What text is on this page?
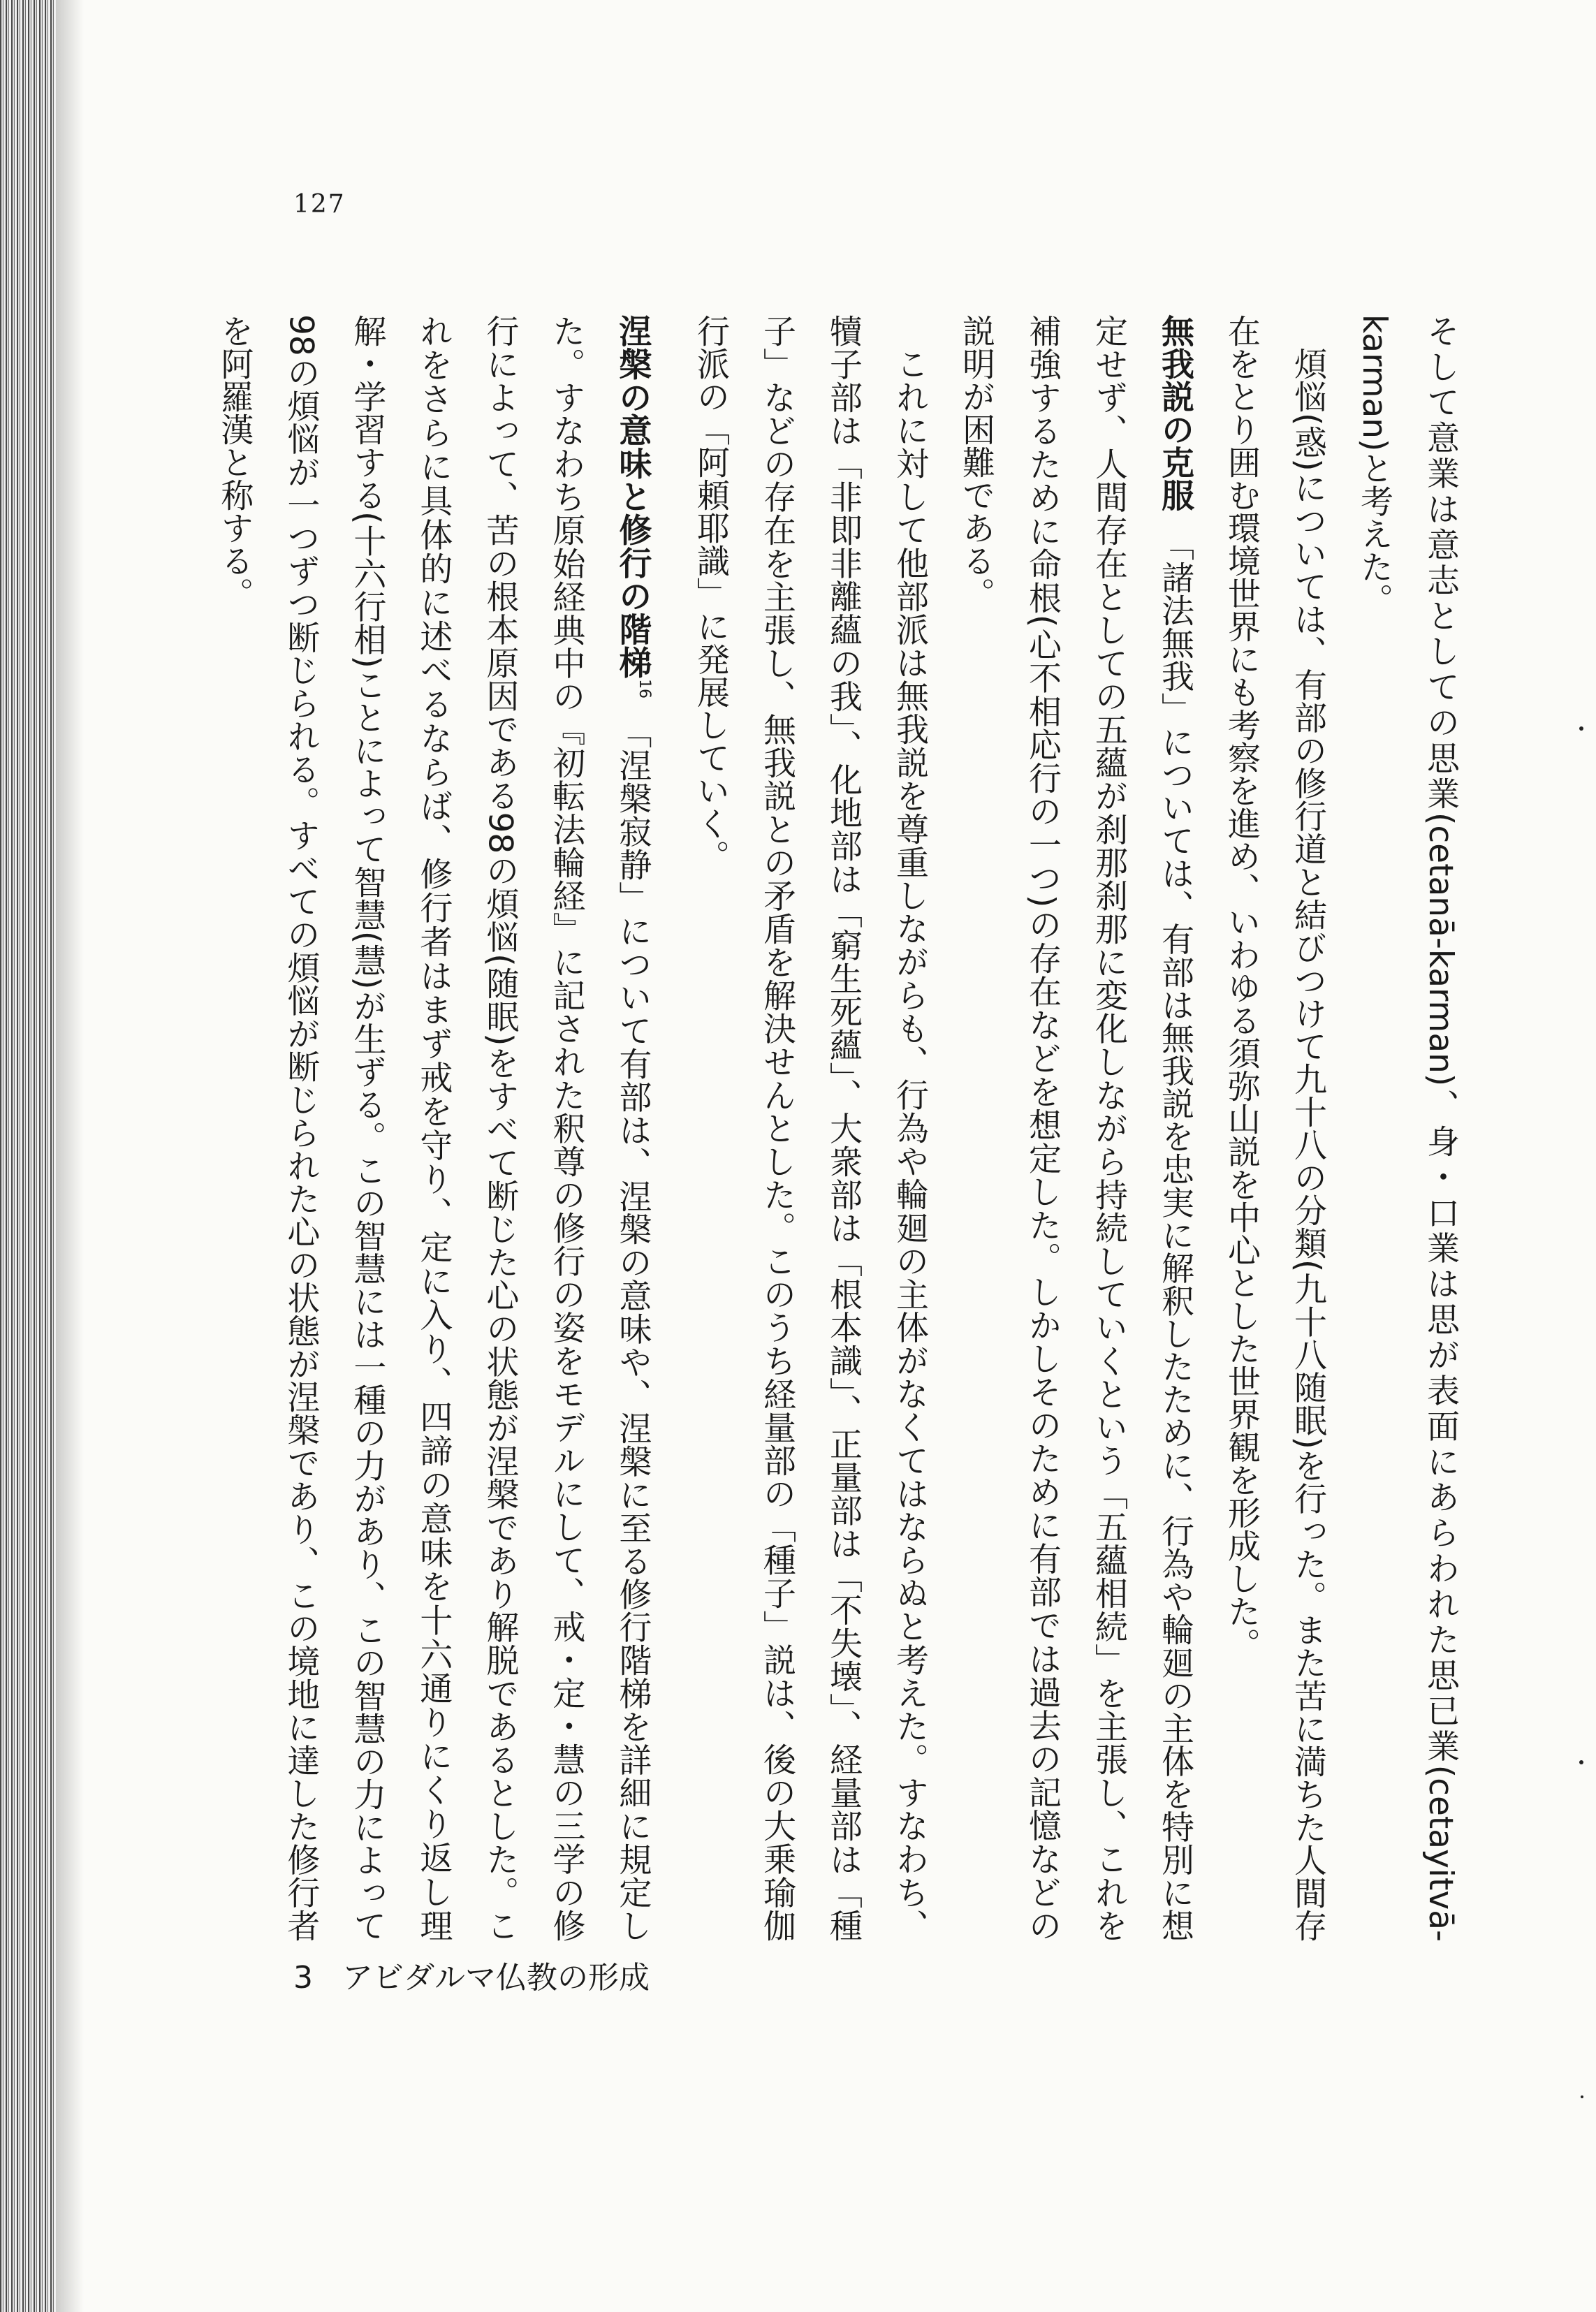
127

そして意業は意志としての思業(cetanā-karman)、身・口業は思が表面にあらわれた思已業(cetayitvā-karman)と考えた。

煩悩(惑)については、有部の修行道と結びつけて九十八の分類(九十八随眠)を行った。また苦に満ちた人間存在をとり囲む環境世界にも考察を進め、いわゆる須弥山説を中心とした世界観を形成した。

無我説の克服　「諸法無我」については、有部は無我説を忠実に解釈したために、行為や輪廻の主体を特別に想定せず、人間存在としての五蘊が刹那刹那に変化しながら持続していくという「五蘊相続」を主張し、これを補強するために命根(心不相応行の一つ)の存在などを想定した。しかしそのために有部では過去の記憶などの説明が困難である。

これに対して他部派は無我説を尊重しながらも、行為や輪廻の主体がなくてはならぬと考えた。すなわち、犢子部は「非即非離蘊の我」、化地部は「窮生死蘊」、大衆部は「根本識」、正量部は「不失壊」、経量部は「種子」などの存在を主張し、無我説との矛盾を解決せんとした。このうち経量部の「種子」説は、後の大乗瑜伽行派の「阿頼耶識」に発展していく。

涅槃の意味と修行の階梯$^{16}$　「涅槃寂静」について有部は、涅槃の意味や、涅槃に至る修行階梯を詳細に規定した。すなわち原始経典中の『初転法輪経』に記された釈尊の修行の姿をモデルにして、戒・定・慧の三学の修行によって、苦の根本原因である98の煩悩(随眠)をすべて断じた心の状態が涅槃であり解脱であるとした。これをさらに具体的に述べるならば、修行者はまず戒を守り、定に入り、四諦の意味を十六通りにくり返し理解・学習する(十六行相)ことによって智慧(慧)が生ずる。この智慧には一種の力があり、この智慧の力によって98の煩悩が一つずつ断じられる。すべての煩悩が断じられた心の状態が涅槃であり、この境地に達した修行者を阿羅漢と称する。

3 アビダルマ仏教の形成
